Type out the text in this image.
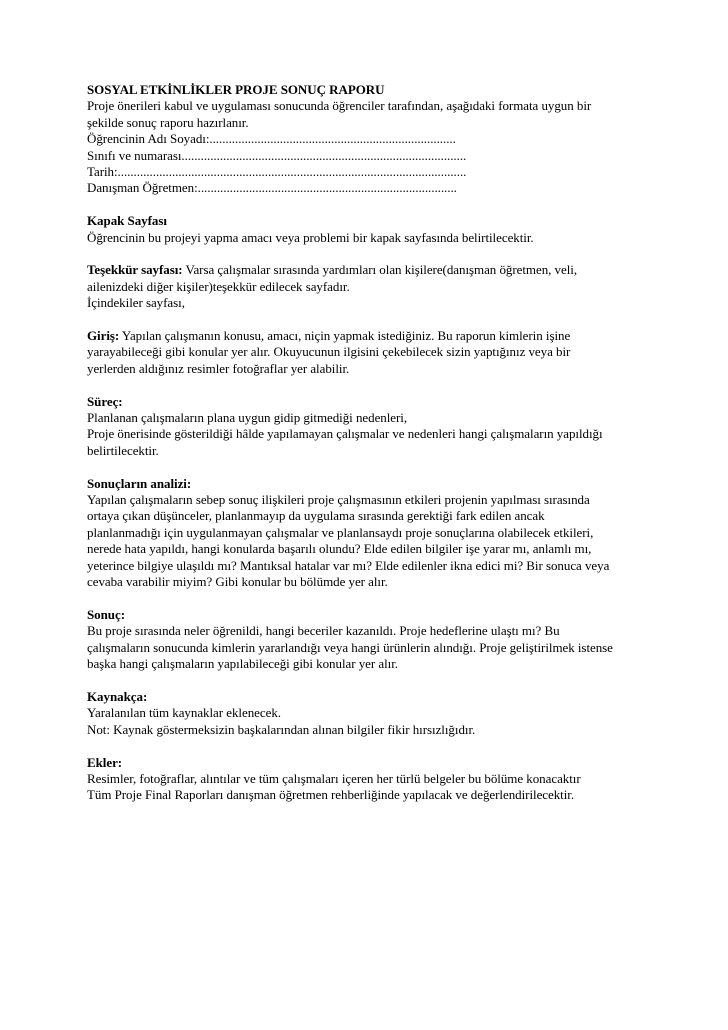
SOSYAL ETKİNLİKLER PROJE SONUÇ RAPORU
Proje önerileri kabul ve uygulaması sonucunda öğrenciler tarafından, aşağıdaki formata uygun bir
şekilde sonuç raporu hazırlanır.
Öğrencinin Adı Soyadı:.............................................................................
Sınıfı ve numarası.........................................................................................
Tarih:.............................................................................................................
Danışman Öğretmen:.................................................................................
Kapak Sayfası
Öğrencinin bu projeyi yapma amacı veya problemi bir kapak sayfasında belirtilecektir.
Teşekkür sayfası: Varsa çalışmalar sırasında yardımları olan kişilere(danışman öğretmen, veli,
ailenizdeki diğer kişiler)teşekkür edilecek sayfadır.
İçindekiler sayfası,
Giriş: Yapılan çalışmanın konusu, amacı, niçin yapmak istediğiniz. Bu raporun kimlerin işine
yarayabileceği gibi konular yer alır. Okuyucunun ilgisini çekebilecek sizin yaptığınız veya bir
yerlerden aldığınız resimler fotoğraflar yer alabilir.
Süreç:
Planlanan çalışmaların plana uygun gidip gitmediği nedenleri,
Proje önerisinde gösterildiği hâlde yapılamayan çalışmalar ve nedenleri hangi çalışmaların yapıldığı
belirtilecektir.
Sonuçların analizi:
Yapılan çalışmaların sebep sonuç ilişkileri proje çalışmasının etkileri projenin yapılması sırasında
ortaya çıkan düşünceler, planlanmayıp da uygulama sırasında gerektiği fark edilen ancak
planlanmadığı için uygulanmayan çalışmalar ve planlansaydı proje sonuçlarına olabilecek etkileri,
nerede hata yapıldı, hangi konularda başarılı olundu? Elde edilen bilgiler işe yarar mı, anlamlı mı,
yeterince bilgiye ulaşıldı mı? Mantıksal hatalar var mı? Elde edilenler ikna edici mi? Bir sonuca veya
cevaba varabilir miyim? Gibi konular bu bölümde yer alır.
Sonuç:
Bu proje sırasında neler öğrenildi, hangi beceriler kazanıldı. Proje hedeflerine ulaştı mı? Bu
çalışmaların sonucunda kimlerin yararlandığı veya hangi ürünlerin alındığı. Proje geliştirilmek istense
başka hangi çalışmaların yapılabileceği gibi konular yer alır.
Kaynakça:
Yaralanılan tüm kaynaklar eklenecek.
Not: Kaynak göstermeksizin başkalarından alınan bilgiler fikir hırsızlığıdır.
Ekler:
Resimler, fotoğraflar, alıntılar ve tüm çalışmaları içeren her türlü belgeler bu bölüme konacaktır
Tüm Proje Final Raporları danışman öğretmen rehberliğinde yapılacak ve değerlendirilecektir.
